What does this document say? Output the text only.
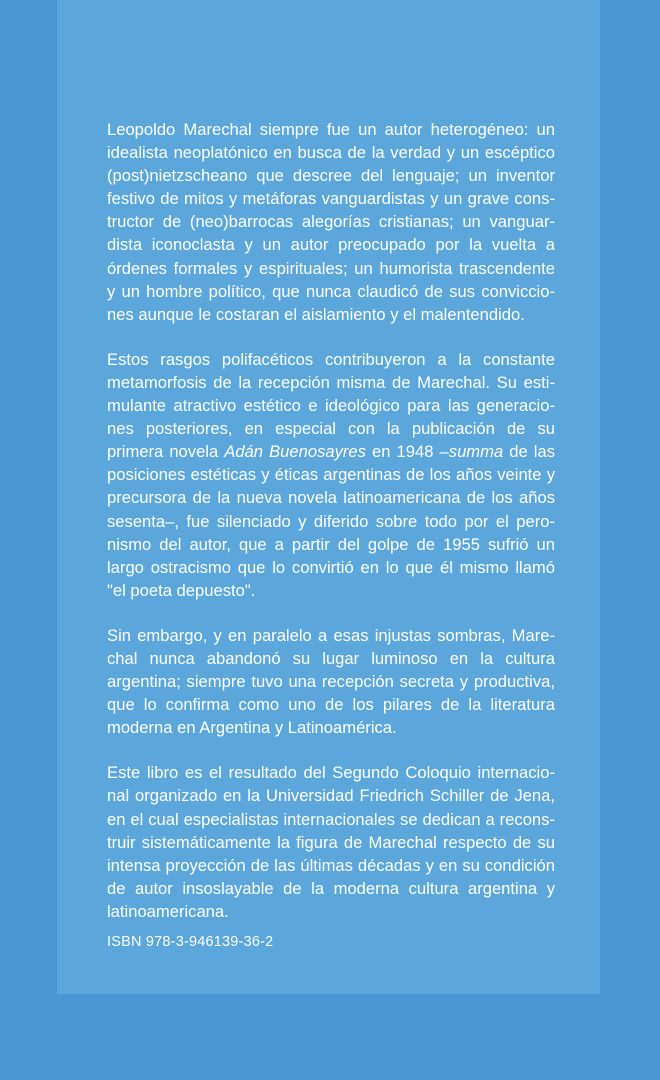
Leopoldo Marechal siempre fue un autor heterogéneo: un idealista neoplatónico en busca de la verdad y un escéptico (post)nietzscheano que descree del lenguaje; un inventor festivo de mitos y metáforas vanguardistas y un grave constructor de (neo)barrocas alegorías cristianas; un vanguardista iconoclasta y un autor preocupado por la vuelta a órdenes formales y espirituales; un humorista trascendente y un hombre político, que nunca claudicó de sus convicciones aunque le costaran el aislamiento y el malentendido.

Estos rasgos polifacéticos contribuyeron a la constante metamorfosis de la recepción misma de Marechal. Su estimulante atractivo estético e ideológico para las generaciones posteriores, en especial con la publicación de su primera novela Adán Buenosayres en 1948 –summa de las posiciones estéticas y éticas argentinas de los años veinte y precursora de la nueva novela latinoamericana de los años sesenta–, fue silenciado y diferido sobre todo por el peronismo del autor, que a partir del golpe de 1955 sufrió un largo ostracismo que lo convirtió en lo que él mismo llamó "el poeta depuesto".

Sin embargo, y en paralelo a esas injustas sombras, Marechal nunca abandonó su lugar luminoso en la cultura argentina; siempre tuvo una recepción secreta y productiva, que lo confirma como uno de los pilares de la literatura moderna en Argentina y Latinoamérica.

Este libro es el resultado del Segundo Coloquio internacional organizado en la Universidad Friedrich Schiller de Jena, en el cual especialistas internacionales se dedican a reconstruir sistemáticamente la figura de Marechal respecto de su intensa proyección de las últimas décadas y en su condición de autor insoslayable de la moderna cultura argentina y latinoamericana.

ISBN 978-3-946139-36-2
